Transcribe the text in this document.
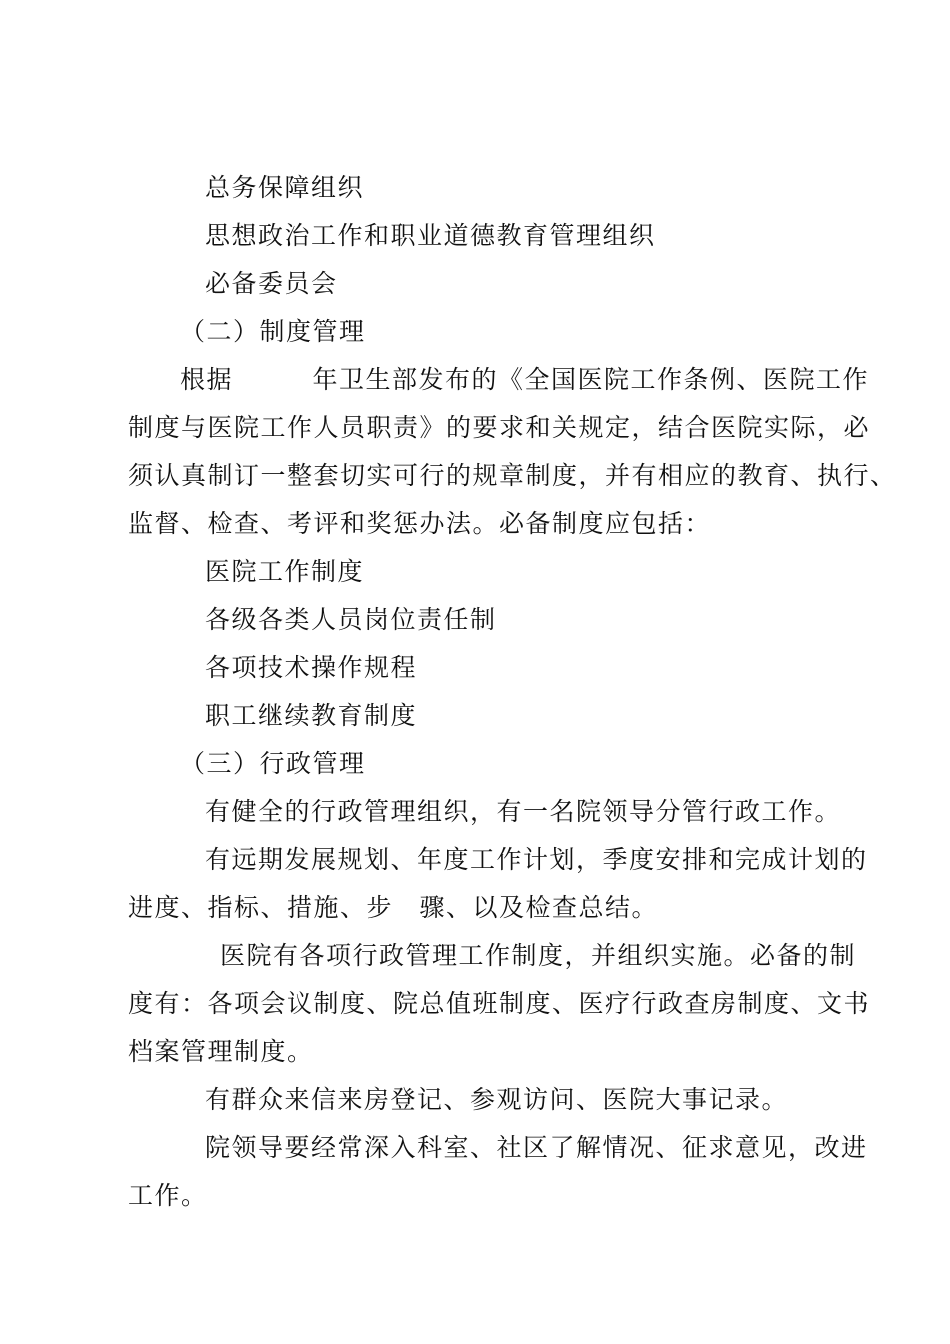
总务保障组织
思想政治工作和职业道德教育管理组织
必备委员会
（二）制度管理
根据　　　年卫生部发布的《全国医院工作条例、医院工作
制度与医院工作人员职责》的要求和关规定，结合医院实际，必
须认真制订一整套切实可行的规章制度，并有相应的教育、执行、
监督、检查、考评和奖惩办法。必备制度应包括：
医院工作制度
各级各类人员岗位责任制
各项技术操作规程
职工继续教育制度
（三）行政管理
有健全的行政管理组织，有一名院领导分管行政工作。
有远期发展规划、年度工作计划，季度安排和完成计划的
进度、指标、措施、步　骤、以及检查总结。
医院有各项行政管理工作制度，并组织实施。必备的制
度有：各项会议制度、院总值班制度、医疗行政查房制度、文书
档案管理制度。
有群众来信来房登记、参观访问、医院大事记录。
院领导要经常深入科室、社区了解情况、征求意见，改进
工作。
